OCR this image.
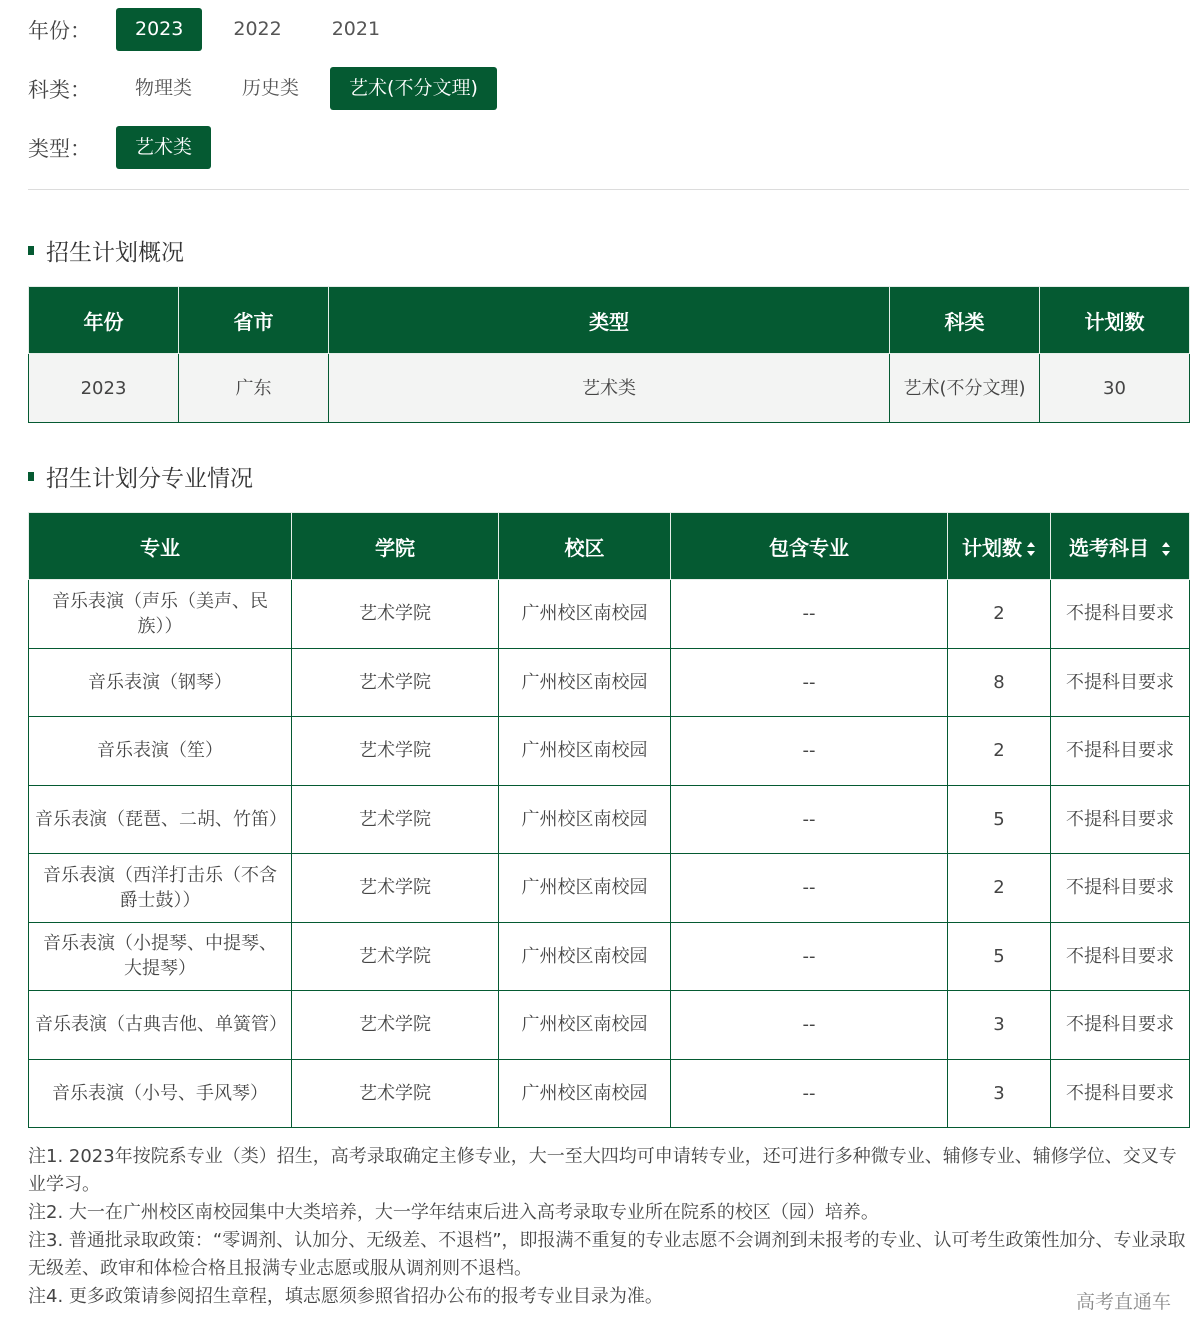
年份：	2023	2022	2021
科类：	物理类	历史类	艺术(不分文理)
类型：	艺术类
招生计划概况
年份	省市	类型	科类	计划数
2023	广东	艺术类	艺术(不分文理)	30
招生计划分专业情况
专业	学院	校区	包含专业	计划数	选考科目
音乐表演（声乐（美声、民族））	艺术学院	广州校区南校园	--	2	不提科目要求
音乐表演（钢琴）	艺术学院	广州校区南校园	--	8	不提科目要求
音乐表演（笙）	艺术学院	广州校区南校园	--	2	不提科目要求
音乐表演（琵琶、二胡、竹笛）	艺术学院	广州校区南校园	--	5	不提科目要求
音乐表演（西洋打击乐（不含爵士鼓））	艺术学院	广州校区南校园	--	2	不提科目要求
音乐表演（小提琴、中提琴、大提琴）	艺术学院	广州校区南校园	--	5	不提科目要求
音乐表演（古典吉他、单簧管）	艺术学院	广州校区南校园	--	3	不提科目要求
音乐表演（小号、手风琴）	艺术学院	广州校区南校园	--	3	不提科目要求

注1. 2023年按院系专业（类）招生，高考录取确定主修专业，大一至大四均可申请转专业，还可进行多种微专业、辅修专业、辅修学位、交叉专业学习。

注2. 大一在广州校区南校园集中大类培养，大一学年结束后进入高考录取专业所在院系的校区（园）培养。

注3. 普通批录取政策：“零调剂、认加分、无级差、不退档”，即报满不重复的专业志愿不会调剂到未报考的专业、认可考生政策性加分、专业录取无级差、政审和体检合格且报满专业志愿或服从调剂则不退档。

注4. 更多政策请参阅招生章程，填志愿须参照省招办公布的报考专业目录为准。	高考直通车
